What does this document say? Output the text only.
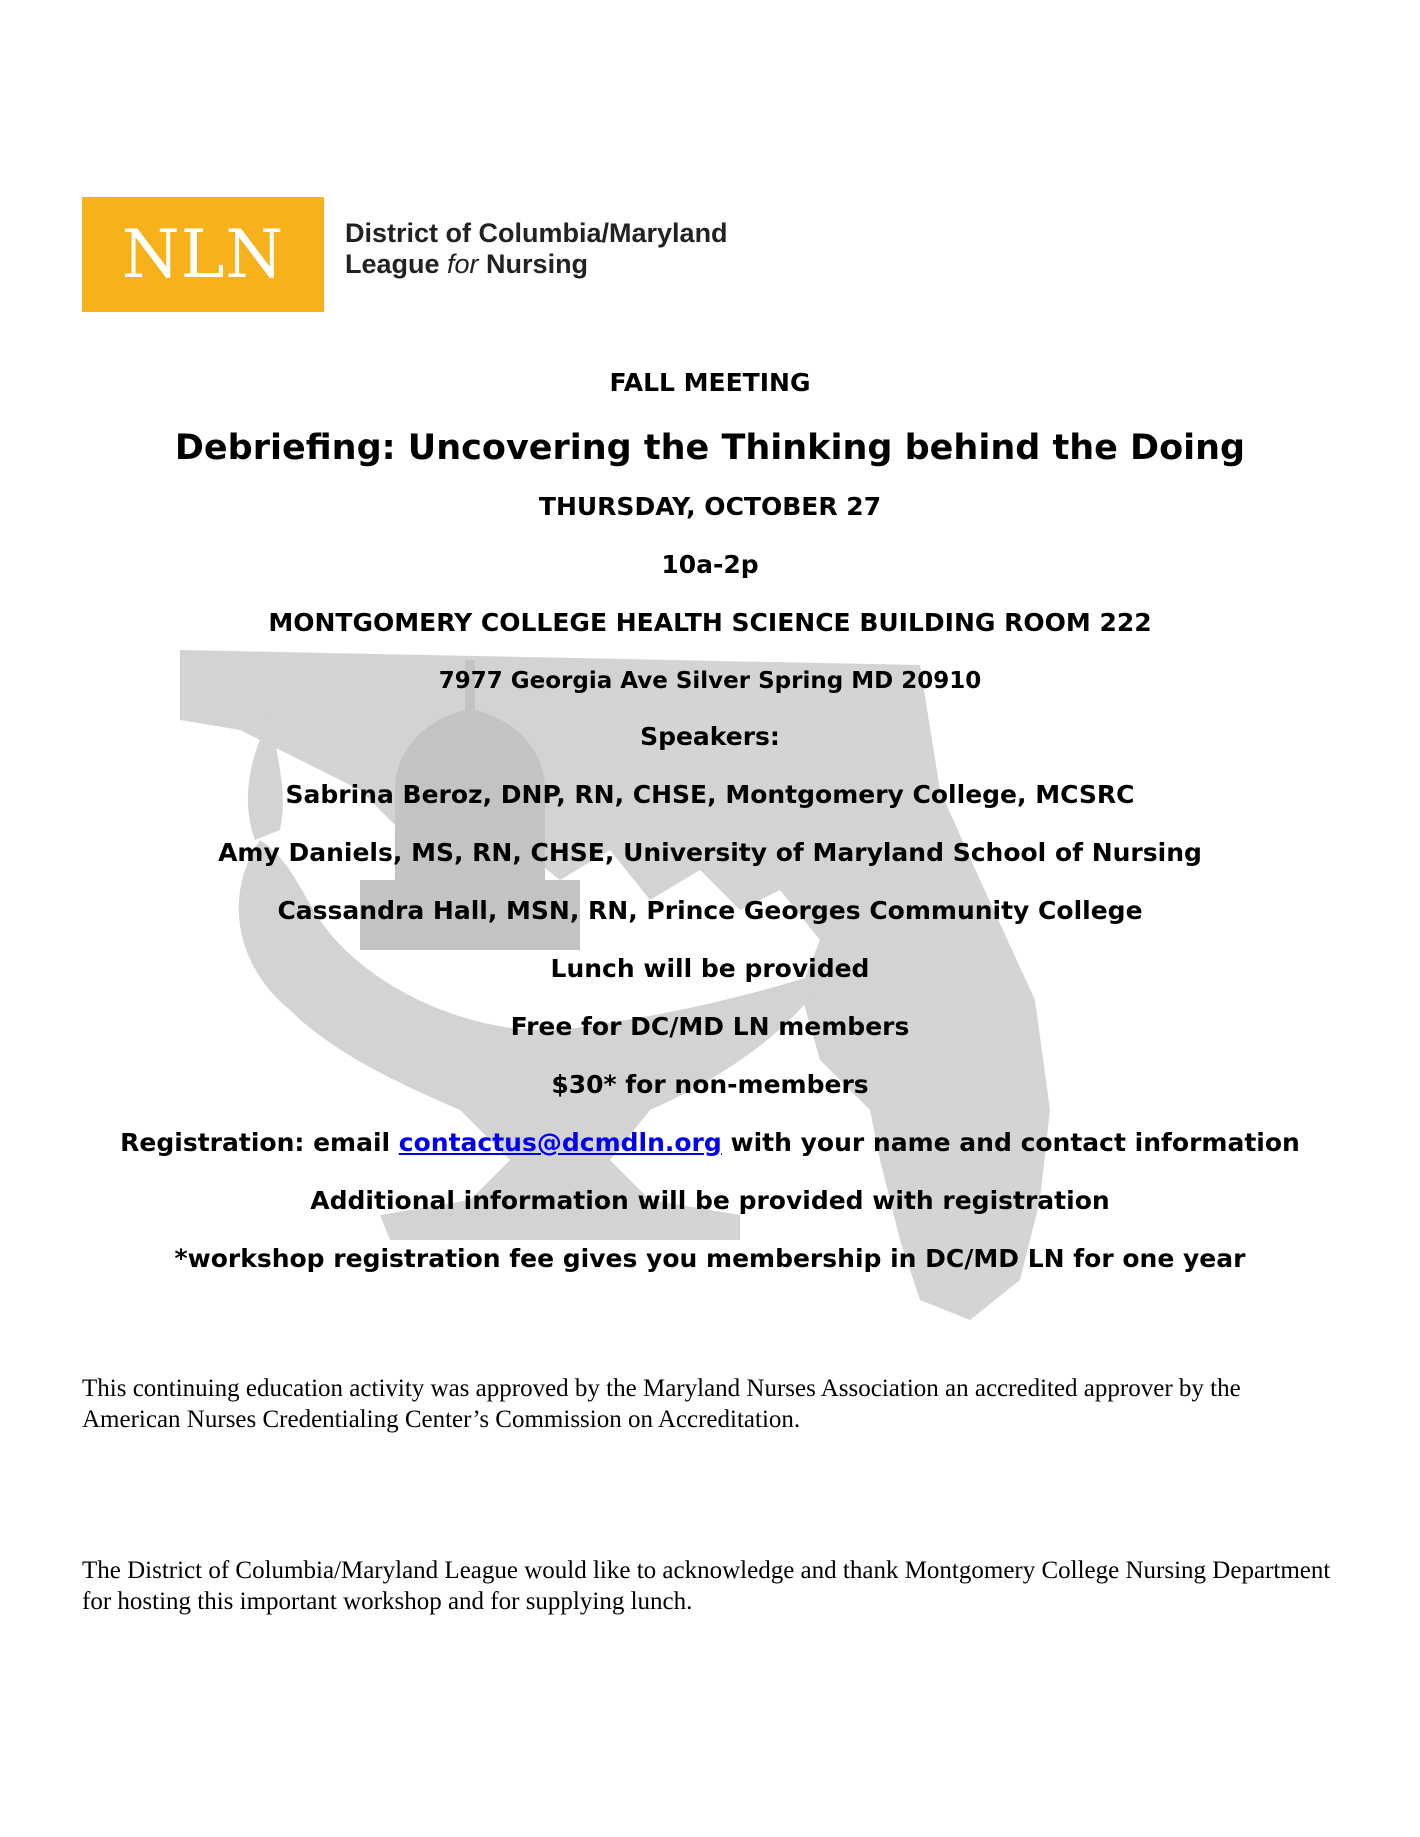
NLN District of Columbia/Maryland
League for Nursing
FALL MEETING
Debriefing: Uncovering the Thinking behind the Doing
THURSDAY, OCTOBER 27
10a-2p
MONTGOMERY COLLEGE HEALTH SCIENCE BUILDING ROOM 222
7977 Georgia Ave Silver Spring MD 20910
Speakers:
Sabrina Beroz, DNP, RN, CHSE, Montgomery College, MCSRC
Amy Daniels, MS, RN, CHSE, University of Maryland School of Nursing
Cassandra Hall, MSN, RN, Prince Georges Community College
Lunch will be provided
Free for DC/MD LN members
$30* for non-members
Registration: email contactus@dcmdln.org with your name and contact information
Additional information will be provided with registration
*workshop registration fee gives you membership in DC/MD LN for one year

This continuing education activity was approved by the Maryland Nurses Association an accredited approver by the American Nurses Credentialing Center’s Commission on Accreditation.

The District of Columbia/Maryland League would like to acknowledge and thank Montgomery College Nursing Department for hosting this important workshop and for supplying lunch.
